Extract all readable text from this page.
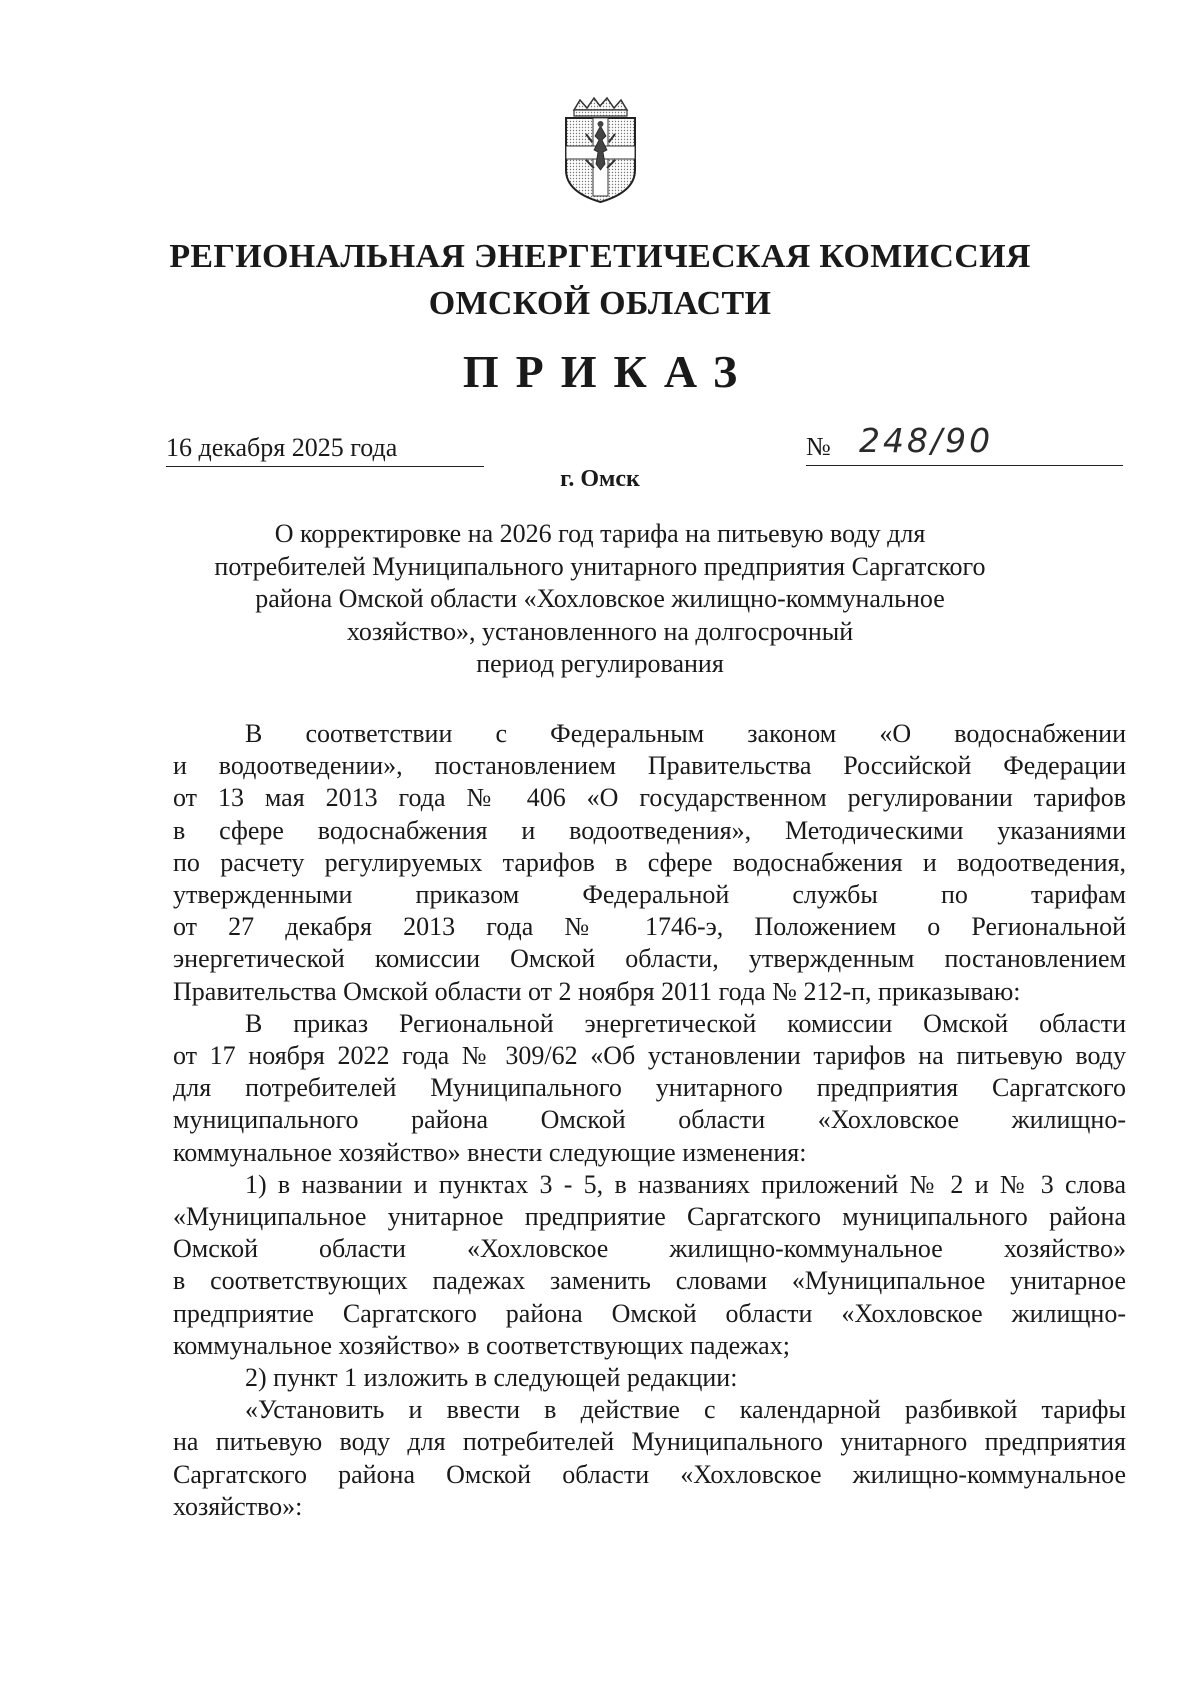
РЕГИОНАЛЬНАЯ ЭНЕРГЕТИЧЕСКАЯ КОМИССИЯ
ОМСКОЙ ОБЛАСТИ
ПРИКАЗ
16 декабря 2025 года	№ 248/90
г. Омск
О корректировке на 2026 год тарифа на питьевую воду для
потребителей Муниципального унитарного предприятия Саргатского
района Омской области «Хохловское жилищно-коммунальное
хозяйство», установленного на долгосрочный
период регулирования
В соответствии с Федеральным законом «О водоснабжении
и водоотведении», постановлением Правительства Российской Федерации
от 13 мая 2013 года № 406 «О государственном регулировании тарифов
в сфере водоснабжения и водоотведения», Методическими указаниями
по расчету регулируемых тарифов в сфере водоснабжения и водоотведения,
утвержденными приказом Федеральной службы по тарифам
от 27 декабря 2013 года № 1746-э, Положением о Региональной
энергетической комиссии Омской области, утвержденным постановлением
Правительства Омской области от 2 ноября 2011 года № 212-п, приказываю:
В приказ Региональной энергетической комиссии Омской области
от 17 ноября 2022 года № 309/62 «Об установлении тарифов на питьевую воду
для потребителей Муниципального унитарного предприятия Саргатского
муниципального района Омской области «Хохловское жилищно-
коммунальное хозяйство» внести следующие изменения:
1) в названии и пунктах 3 - 5, в названиях приложений № 2 и № 3 слова
«Муниципальное унитарное предприятие Саргатского муниципального района
Омской области «Хохловское жилищно-коммунальное хозяйство»
в соответствующих падежах заменить словами «Муниципальное унитарное
предприятие Саргатского района Омской области «Хохловское жилищно-
коммунальное хозяйство» в соответствующих падежах;
2) пункт 1 изложить в следующей редакции:
«Установить и ввести в действие с календарной разбивкой тарифы
на питьевую воду для потребителей Муниципального унитарного предприятия
Саргатского района Омской области «Хохловское жилищно-коммунальное
хозяйство»:
